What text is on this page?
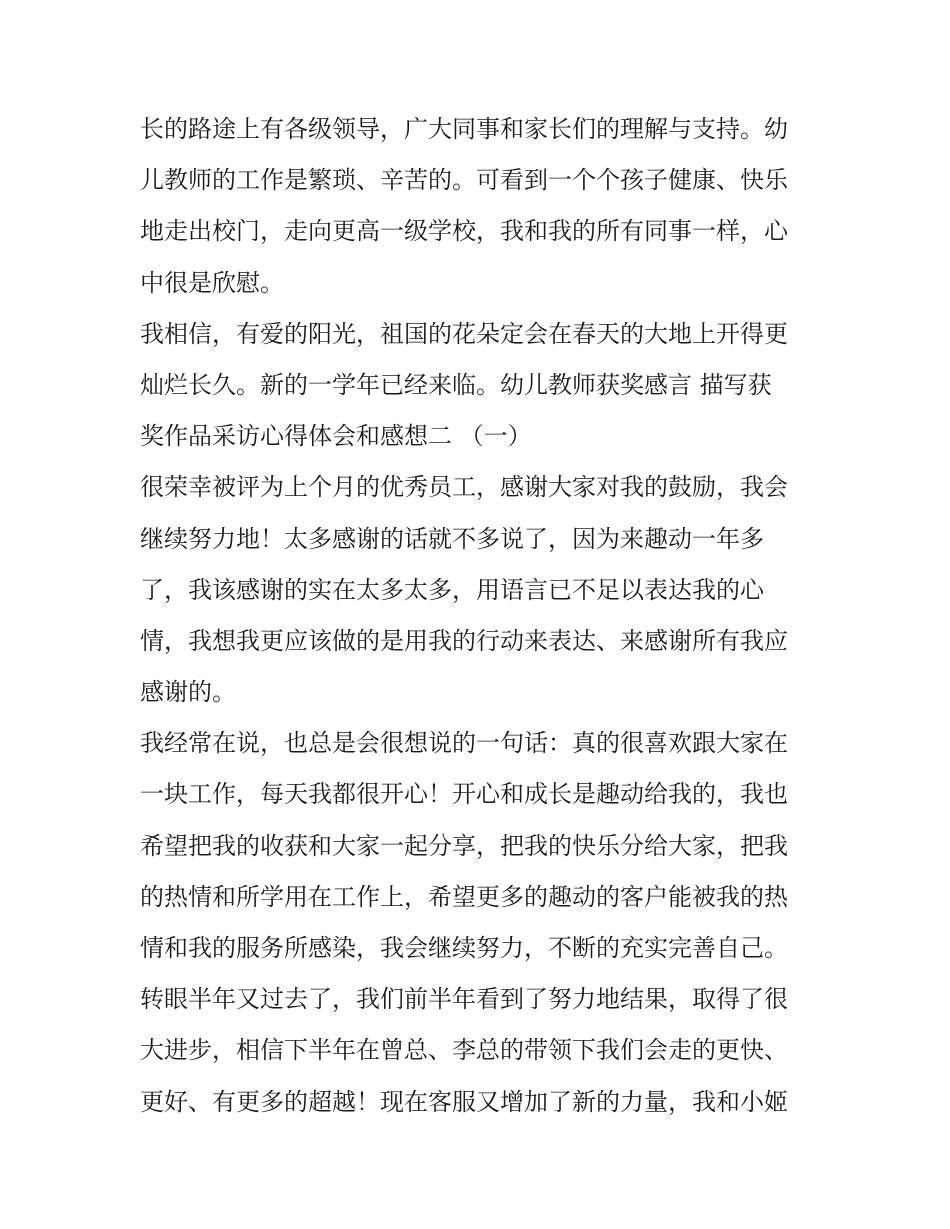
长的路途上有各级领导，广大同事和家长们的理解与支持。幼
儿教师的工作是繁琐、辛苦的。可看到一个个孩子健康、快乐
地走出校门，走向更高一级学校，我和我的所有同事一样，心
中很是欣慰。
我相信，有爱的阳光，祖国的花朵定会在春天的大地上开得更
灿烂长久。新的一学年已经来临。幼儿教师获奖感言 描写获
奖作品采访心得体会和感想二 （一）
很荣幸被评为上个月的优秀员工，感谢大家对我的鼓励，我会
继续努力地！太多感谢的话就不多说了，因为来趣动一年多
了，我该感谢的实在太多太多，用语言已不足以表达我的心
情，我想我更应该做的是用我的行动来表达、来感谢所有我应
感谢的。
我经常在说，也总是会很想说的一句话：真的很喜欢跟大家在
一块工作，每天我都很开心！开心和成长是趣动给我的，我也
希望把我的收获和大家一起分享，把我的快乐分给大家，把我
的热情和所学用在工作上，希望更多的趣动的客户能被我的热
情和我的服务所感染，我会继续努力，不断的充实完善自己。
转眼半年又过去了，我们前半年看到了努力地结果，取得了很
大进步，相信下半年在曾总、李总的带领下我们会走的更快、
更好、有更多的超越！现在客服又增加了新的力量，我和小姬
